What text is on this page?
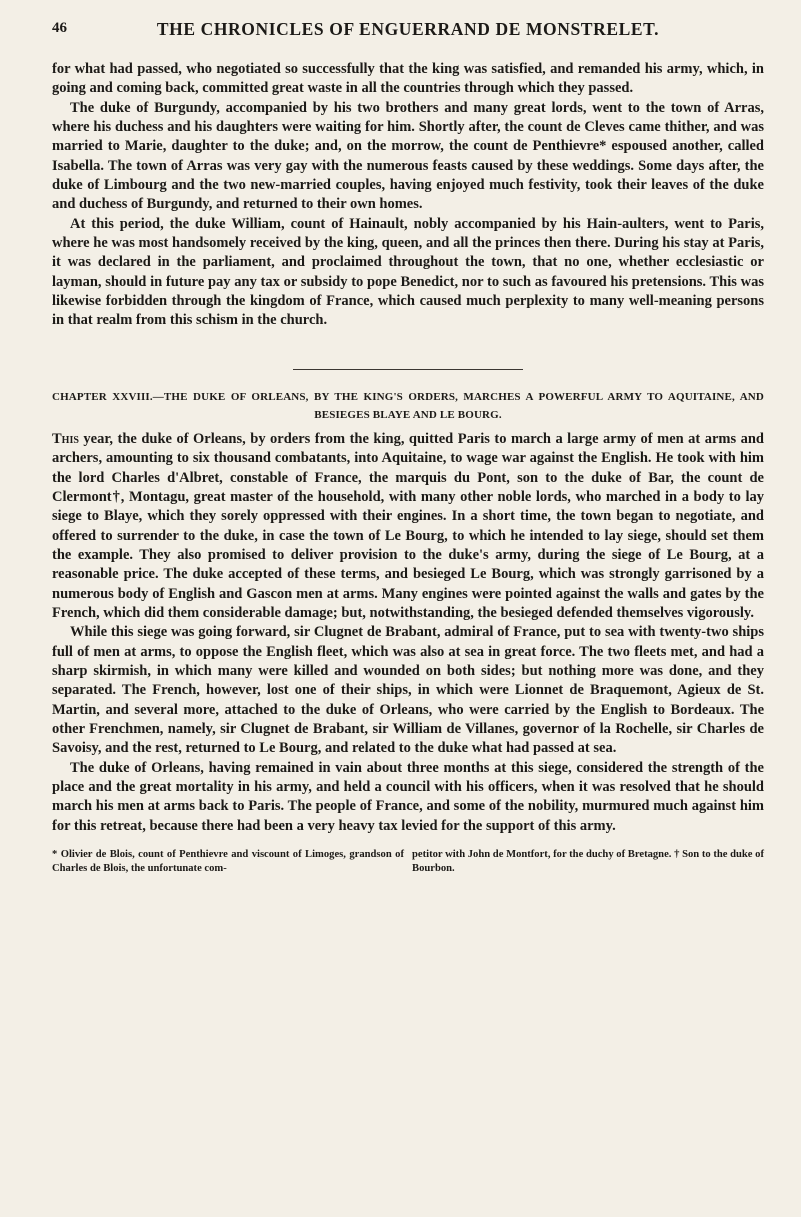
46	THE CHRONICLES OF ENGUERRAND DE MONSTRELET.

for what had passed, who negotiated so successfully that the king was satisfied, and remanded his army, which, in going and coming back, committed great waste in all the countries through which they passed.

The duke of Burgundy, accompanied by his two brothers and many great lords, went to the town of Arras, where his duchess and his daughters were waiting for him. Shortly after, the count de Cleves came thither, and was married to Marie, daughter to the duke; and, on the morrow, the count de Penthievre* espoused another, called Isabella. The town of Arras was very gay with the numerous feasts caused by these weddings. Some days after, the duke of Limbourg and the two new-married couples, having enjoyed much festivity, took their leaves of the duke and duchess of Burgundy, and returned to their own homes.

At this period, the duke William, count of Hainault, nobly accompanied by his Hain-aulters, went to Paris, where he was most handsomely received by the king, queen, and all the princes then there. During his stay at Paris, it was declared in the parliament, and proclaimed throughout the town, that no one, whether ecclesiastic or layman, should in future pay any tax or subsidy to pope Benedict, nor to such as favoured his pretensions. This was likewise forbidden through the kingdom of France, which caused much perplexity to many well-meaning persons in that realm from this schism in the church.

CHAPTER XXVIII.—THE DUKE OF ORLEANS, BY THE KING'S ORDERS, MARCHES A POWERFUL ARMY TO AQUITAINE, AND BESIEGES BLAYE AND LE BOURG.

This year, the duke of Orleans, by orders from the king, quitted Paris to march a large army of men at arms and archers, amounting to six thousand combatants, into Aquitaine, to wage war against the English. He took with him the lord Charles d'Albret, constable of France, the marquis du Pont, son to the duke of Bar, the count de Clermont†, Montagu, great master of the household, with many other noble lords, who marched in a body to lay siege to Blaye, which they sorely oppressed with their engines. In a short time, the town began to negotiate, and offered to surrender to the duke, in case the town of Le Bourg, to which he intended to lay siege, should set them the example. They also promised to deliver provision to the duke's army, during the siege of Le Bourg, at a reasonable price. The duke accepted of these terms, and besieged Le Bourg, which was strongly garrisoned by a numerous body of English and Gascon men at arms. Many engines were pointed against the walls and gates by the French, which did them considerable damage; but, notwithstanding, the besieged defended themselves vigorously.

While this siege was going forward, sir Clugnet de Brabant, admiral of France, put to sea with twenty-two ships full of men at arms, to oppose the English fleet, which was also at sea in great force. The two fleets met, and had a sharp skirmish, in which many were killed and wounded on both sides; but nothing more was done, and they separated. The French, however, lost one of their ships, in which were Lionnet de Braquemont, Agieux de St. Martin, and several more, attached to the duke of Orleans, who were carried by the English to Bordeaux. The other Frenchmen, namely, sir Clugnet de Brabant, sir William de Villanes, governor of la Rochelle, sir Charles de Savoisy, and the rest, returned to Le Bourg, and related to the duke what had passed at sea.

The duke of Orleans, having remained in vain about three months at this siege, considered the strength of the place and the great mortality in his army, and held a council with his officers, when it was resolved that he should march his men at arms back to Paris. The people of France, and some of the nobility, murmured much against him for this retreat, because there had been a very heavy tax levied for the support of this army.

* Olivier de Blois, count of Penthievre and viscount of Limoges, grandson of Charles de Blois, the unfortunate com-
petitor with John de Montfort, for the duchy of Bretagne. † Son to the duke of Bourbon.
